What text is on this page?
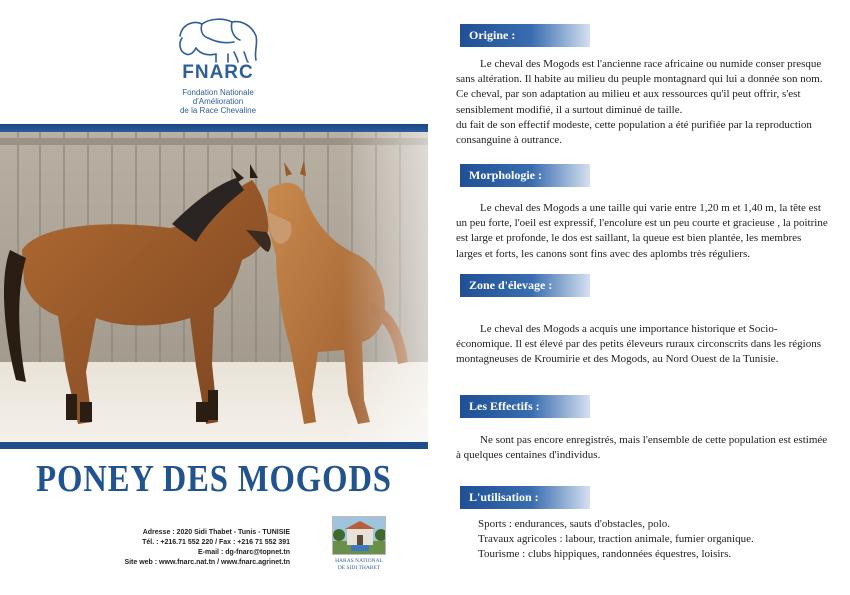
FNARC
Fondation Nationale
d'Amélioration
de la Race Chevaline
PONEY DES MOGODS
Adresse : 2020 Sidi Thabet - Tunis - TUNISIE
Tél. : +216.71 552 220 / Fax : +216 71 552 391
E-mail : dg-fnarc@topnet.tn
Site web : www.fnarc.nat.tn / www.fnarc.agrinet.tn	HARAS NATIONAL
DE SIDI THABET
Origine :

Le cheval des Mogods est l'ancienne race africaine ou numide conser presque sans altération. Il habite au milieu du peuple montagnard qui lui a donnée son nom. Ce cheval, par son adaptation au milieu et aux ressources qu'il peut offrir, s'est sensiblement modifié, il a surtout diminué de taille.

du fait de son effectif modeste, cette population a été purifiée par la reproduction consanguine à outrance.

Morphologie :

Le cheval des Mogods a une taille qui varie entre 1,20 m et 1,40 m, la tête est un peu forte, l'oeil est expressif, l'encolure est un peu courte et gracieuse , la poitrine est large et profonde, le dos est saillant, la queue est bien plantée, les membres larges et forts, les canons sont fins avec des aplombs très réguliers.

Zone d'élevage :

Le cheval des Mogods a acquis une importance historique et Socio-économique. Il est élevé par des petits éleveurs ruraux circonscrits dans les régions montagneuses de Kroumirie et des Mogods, au Nord Ouest de la Tunisie.

Les Effectifs :

Ne sont pas encore enregistrés, mais l'ensemble de cette population est estimée à quelques centaines d'individus.

L'utilisation :
Sports : endurances, sauts d'obstacles, polo.
Travaux agricoles : labour, traction animale, fumier organique.
Tourisme : clubs hippiques, randonnées équestres, loisirs.
